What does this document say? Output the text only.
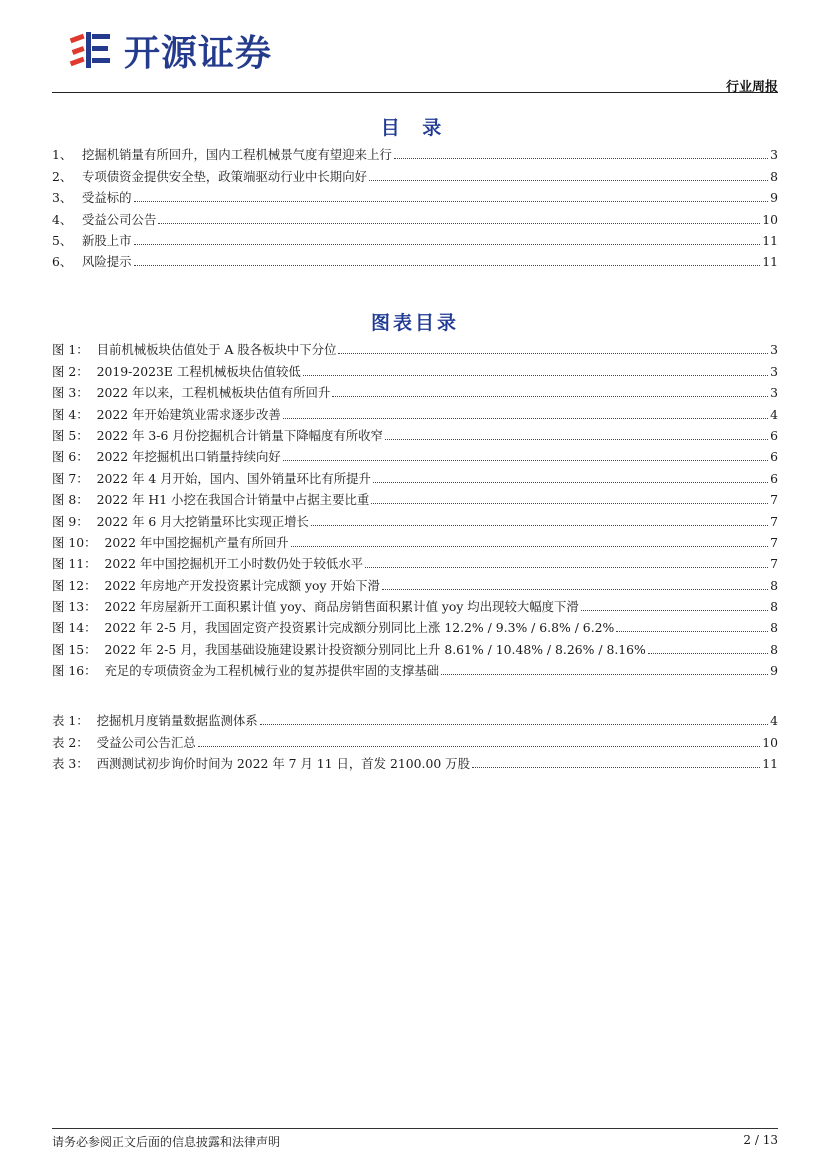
开源证券
行业周报
目 录
1、 挖掘机销量有所回升，国内工程机械景气度有望迎来上行	3
2、 专项债资金提供安全垫，政策端驱动行业中长期向好	8
3、 受益标的	9
4、 受益公司公告	10
5、 新股上市	11
6、 风险提示	11
图表目录
图 1： 目前机械板块估值处于 A 股各板块中下分位	3
图 2： 2019-2023E 工程机械板块估值较低	3
图 3： 2022 年以来，工程机械板块估值有所回升	3
图 4： 2022 年开始建筑业需求逐步改善	4
图 5： 2022 年 3-6 月份挖掘机合计销量下降幅度有所收窄	6
图 6： 2022 年挖掘机出口销量持续向好	6
图 7： 2022 年 4 月开始，国内、国外销量环比有所提升	6
图 8： 2022 年 H1 小挖在我国合计销量中占据主要比重	7
图 9： 2022 年 6 月大挖销量环比实现正增长	7
图 10： 2022 年中国挖掘机产量有所回升	7
图 11： 2022 年中国挖掘机开工小时数仍处于较低水平	7
图 12： 2022 年房地产开发投资累计完成额 yoy 开始下滑	8
图 13： 2022 年房屋新开工面积累计值 yoy、商品房销售面积累计值 yoy 均出现较大幅度下滑	8
图 14： 2022 年 2-5 月，我国固定资产投资累计完成额分别同比上涨 12.2% / 9.3% / 6.8% / 6.2%	8
图 15： 2022 年 2-5 月，我国基础设施建设累计投资额分别同比上升 8.61% / 10.48% / 8.26% / 8.16%	8
图 16： 充足的专项债资金为工程机械行业的复苏提供牢固的支撑基础	9
表 1： 挖掘机月度销量数据监测体系	4
表 2： 受益公司公告汇总	10
表 3： 西测测试初步询价时间为 2022 年 7 月 11 日，首发 2100.00 万股	11
请务必参阅正文后面的信息披露和法律声明	2 / 13
